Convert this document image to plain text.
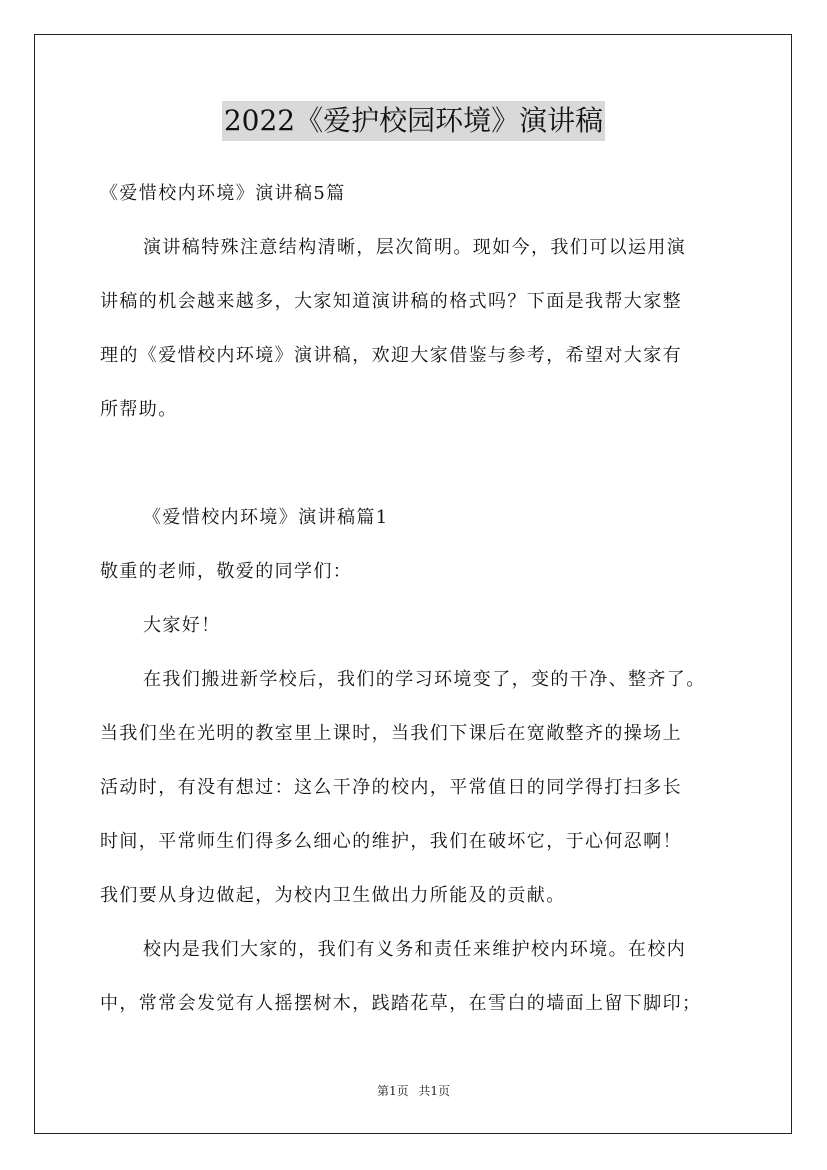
2022《爱护校园环境》演讲稿
《爱惜校内环境》演讲稿5篇
演讲稿特殊注意结构清晰，层次简明。现如今，我们可以运用演
讲稿的机会越来越多，大家知道演讲稿的格式吗？下面是我帮大家整
理的《爱惜校内环境》演讲稿，欢迎大家借鉴与参考，希望对大家有
所帮助。
《爱惜校内环境》演讲稿篇1
敬重的老师，敬爱的同学们：
大家好！
在我们搬进新学校后，我们的学习环境变了，变的干净、整齐了。
当我们坐在光明的教室里上课时，当我们下课后在宽敞整齐的操场上
活动时，有没有想过：这么干净的校内，平常值日的同学得打扫多长
时间，平常师生们得多么细心的维护，我们在破坏它，于心何忍啊！
我们要从身边做起，为校内卫生做出力所能及的贡献。
校内是我们大家的，我们有义务和责任来维护校内环境。在校内
中，常常会发觉有人摇摆树木，践踏花草，在雪白的墙面上留下脚印；
第1页 共1页
